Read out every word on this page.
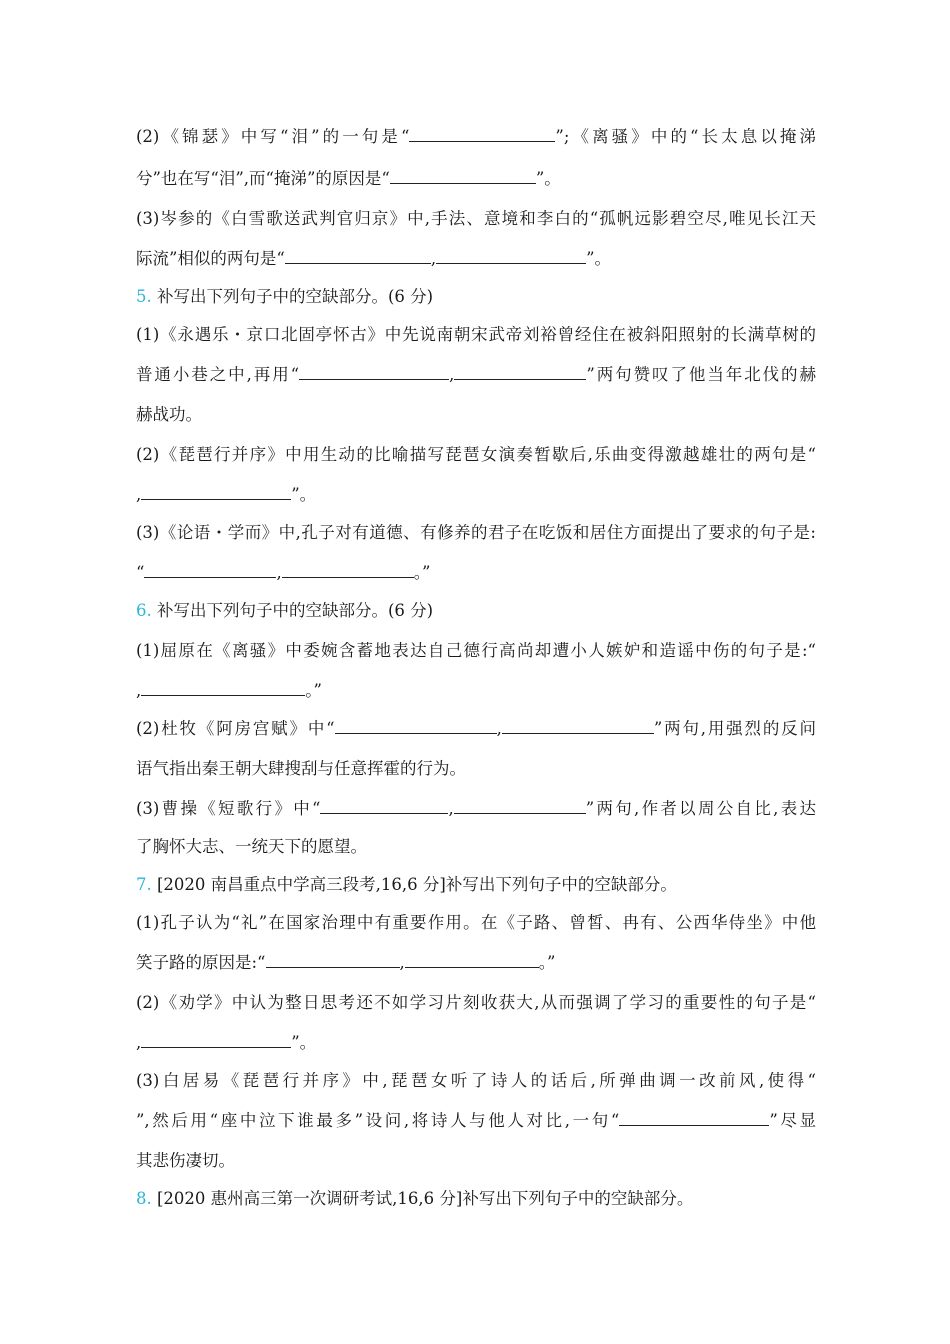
(2)《锦瑟》中写“泪”的一句是“	”;《离骚》中的“长太息以掩涕
兮”也在写“泪”,而“掩涕”的原因是“	”。
(3)岑参的《白雪歌送武判官归京》中,手法、意境和李白的“孤帆远影碧空尽,唯见长江天
际流”相似的两句是“	,	”。
5. 补写出下列句子中的空缺部分。(6 分)
(1)《永遇乐・京口北固亭怀古》中先说南朝宋武帝刘裕曾经住在被斜阳照射的长满草树的
普通小巷之中,再用“	,	”两句赞叹了他当年北伐的赫
赫战功。
(2)《琵琶行并序》中用生动的比喻描写琵琶女演奏暂歇后,乐曲变得激越雄壮的两句是“
,	”。
(3)《论语・学而》中,孔子对有道德、有修养的君子在吃饭和居住方面提出了要求的句子是:
“	,	。”
6. 补写出下列句子中的空缺部分。(6 分)
(1)屈原在《离骚》中委婉含蓄地表达自己德行高尚却遭小人嫉妒和造谣中伤的句子是:“
,	。”
(2)杜牧《阿房宫赋》中“	,	”两句,用强烈的反问
语气指出秦王朝大肆搜刮与任意挥霍的行为。
(3)曹操《短歌行》中“	,	”两句,作者以周公自比,表达
了胸怀大志、一统天下的愿望。
7. [2020 南昌重点中学高三段考,16,6 分]补写出下列句子中的空缺部分。
(1)孔子认为“礼”在国家治理中有重要作用。在《子路、曾皙、冉有、公西华侍坐》中他
笑子路的原因是:“	,	。”
(2)《劝学》中认为整日思考还不如学习片刻收获大,从而强调了学习的重要性的句子是“
,	”。
(3)白居易《琵琶行并序》中,琵琶女听了诗人的话后,所弹曲调一改前风,使得“
”,然后用“座中泣下谁最多”设问,将诗人与他人对比,一句“	”尽显
其悲伤凄切。
8. [2020 惠州高三第一次调研考试,16,6 分]补写出下列句子中的空缺部分。
